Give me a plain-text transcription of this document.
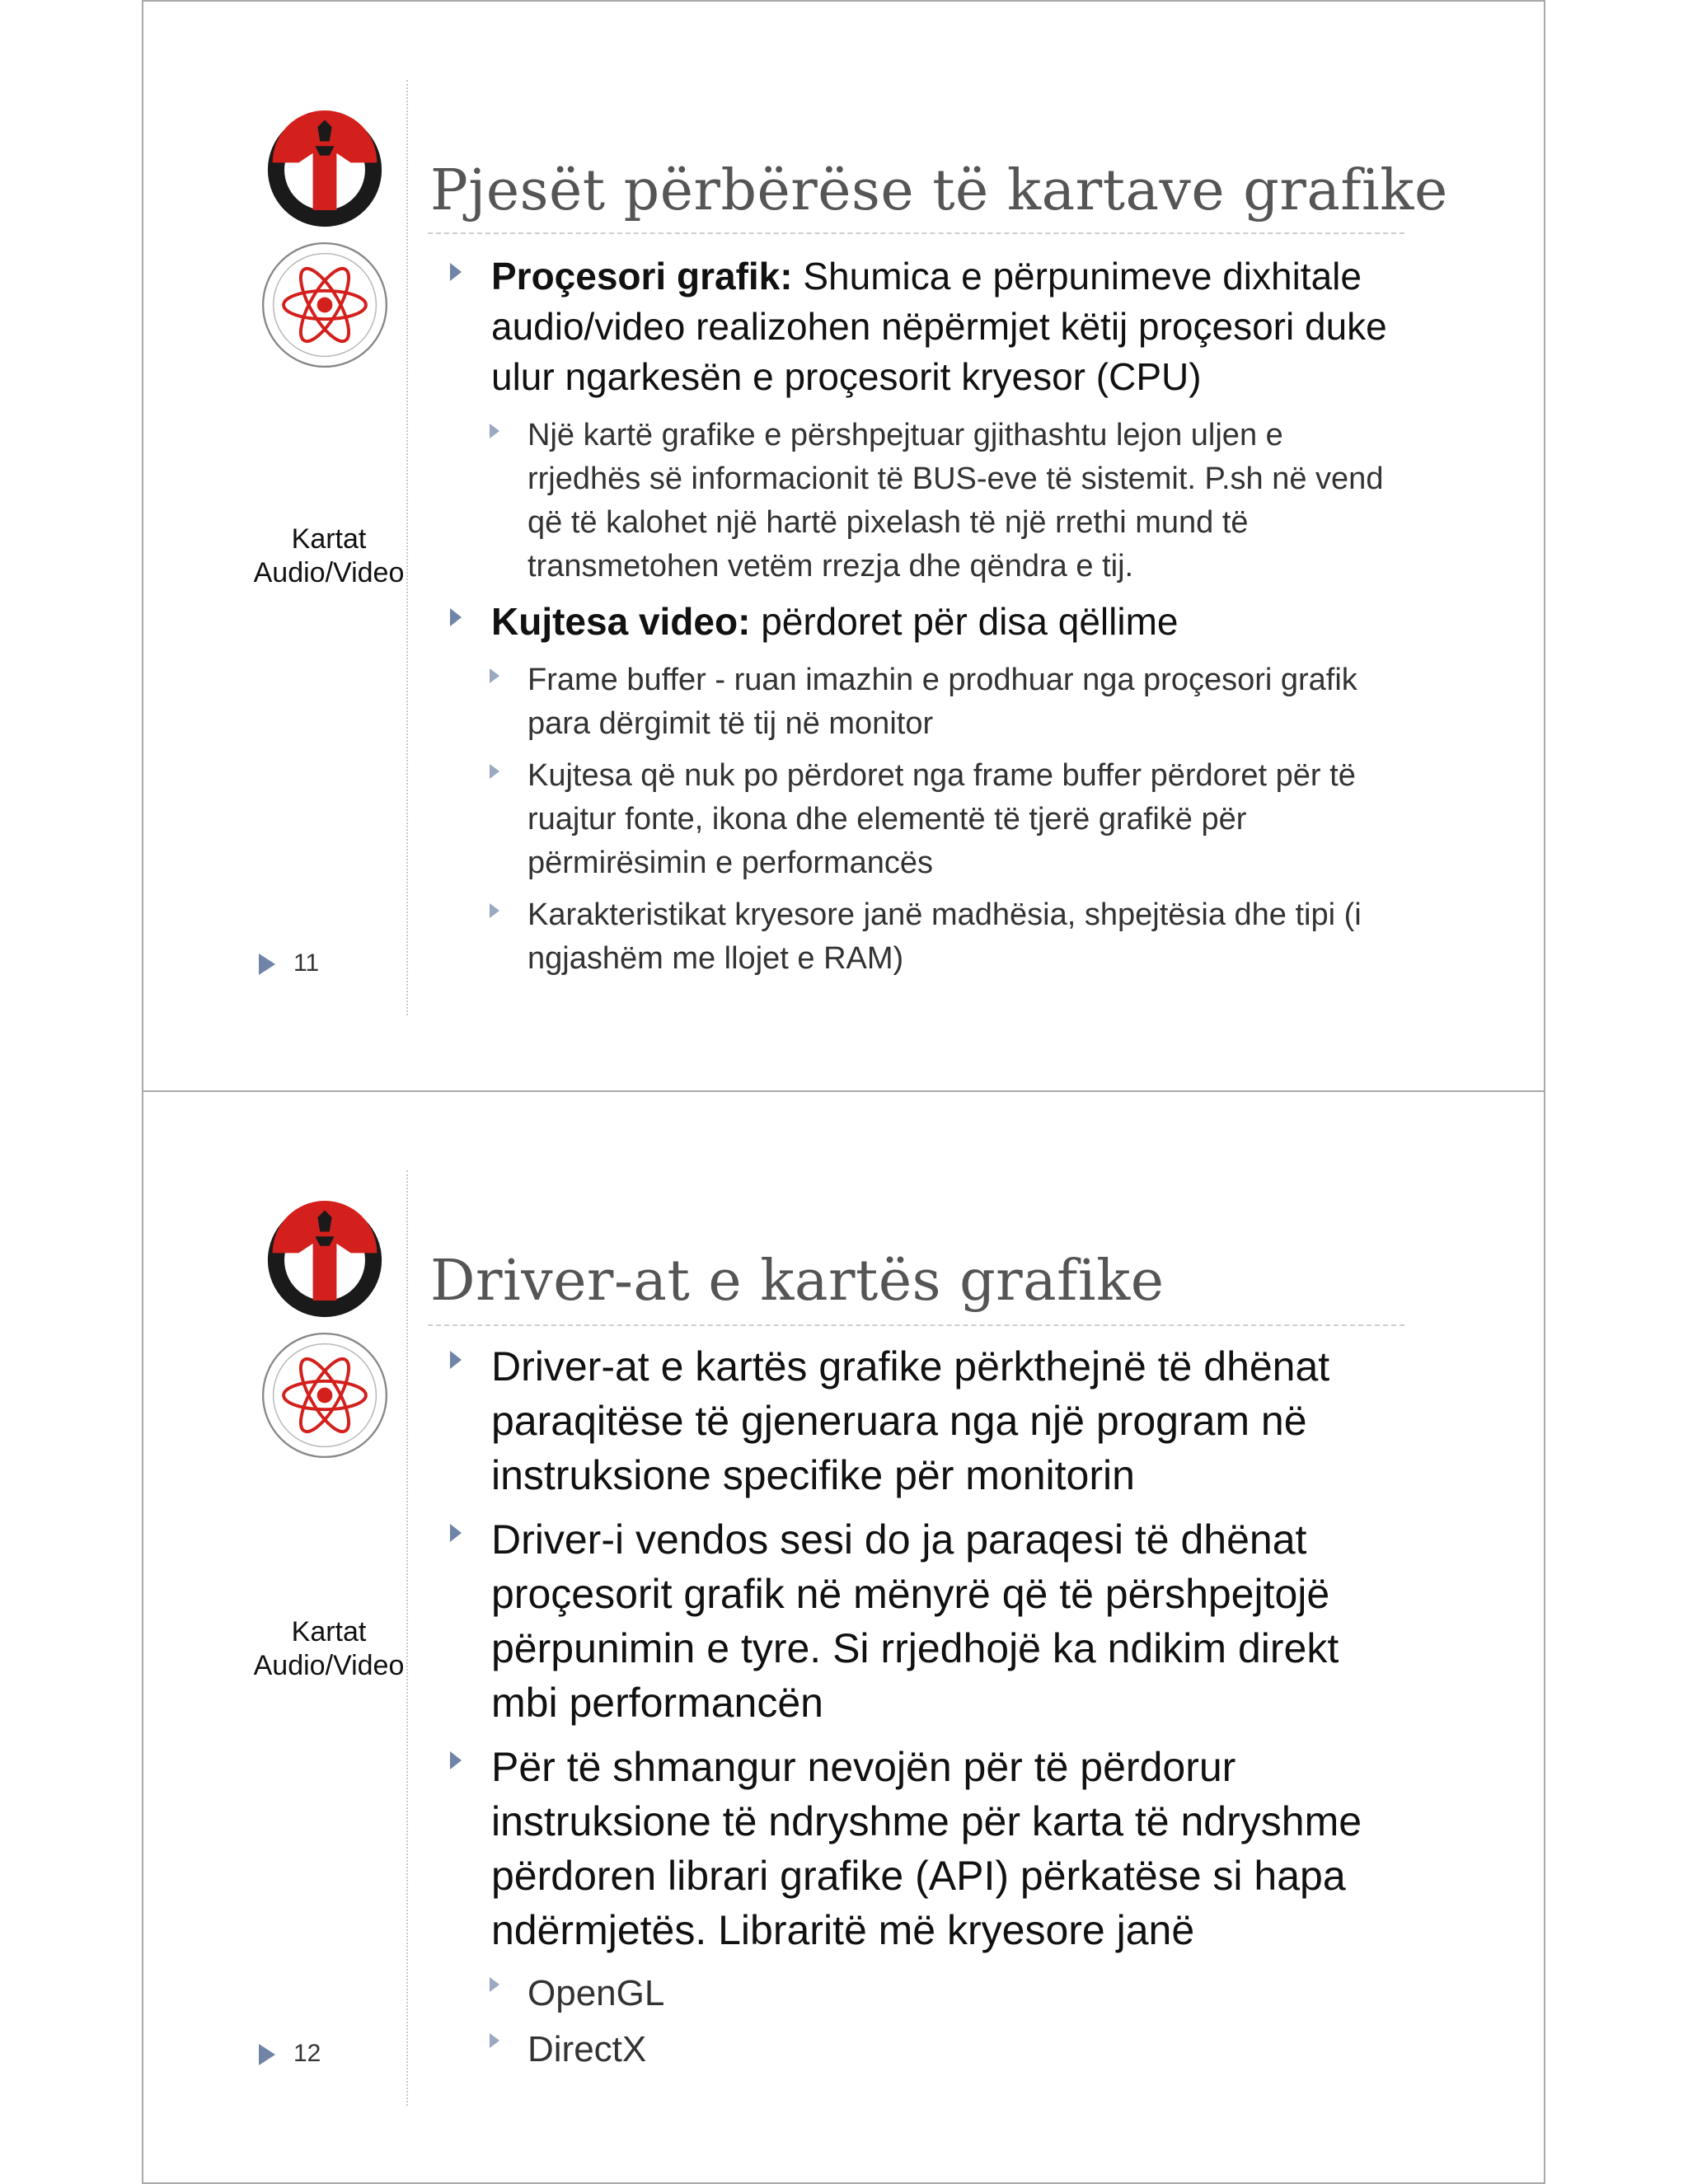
Kartat
Audio/Video
11
Pjesët përbërëse të kartave grafike
Proçesori grafik: Shumica e përpunimeve dixhitale audio/video realizohen nëpërmjet këtij proçesori duke ulur ngarkesën e proçesorit kryesor (CPU)
Një kartë grafike e përshpejtuar gjithashtu lejon uljen e rrjedhës së informacionit të BUS-eve të sistemit. P.sh në vend që të kalohet një hartë pixelash të një rrethi mund të transmetohen vetëm rrezja dhe qëndra e tij.
Kujtesa video: përdoret për disa qëllime
Frame buffer - ruan imazhin e prodhuar nga proçesori grafik para dërgimit të tij në monitor
Kujtesa që nuk po përdoret nga frame buffer përdoret për të ruajtur fonte, ikona dhe elementë të tjerë grafikë për përmirësimin e performancës
Karakteristikat kryesore janë madhësia, shpejtësia dhe tipi (i ngjashëm me llojet e RAM)
Kartat
Audio/Video
12
Driver-at e kartës grafike
Driver-at e kartës grafike përkthejnë të dhënat paraqitëse të gjeneruara nga një program në instruksione specifike për monitorin
Driver-i vendos sesi do ja paraqesi të dhënat proçesorit grafik në mënyrë që të përshpejtojë përpunimin e tyre. Si rrjedhojë ka ndikim direkt mbi performancën
Për të shmangur nevojën për të përdorur instruksione të ndryshme për karta të ndryshme përdoren librari grafike (API) përkatëse si hapa ndërmjetës. Libraritë më kryesore janë
OpenGL
DirectX
